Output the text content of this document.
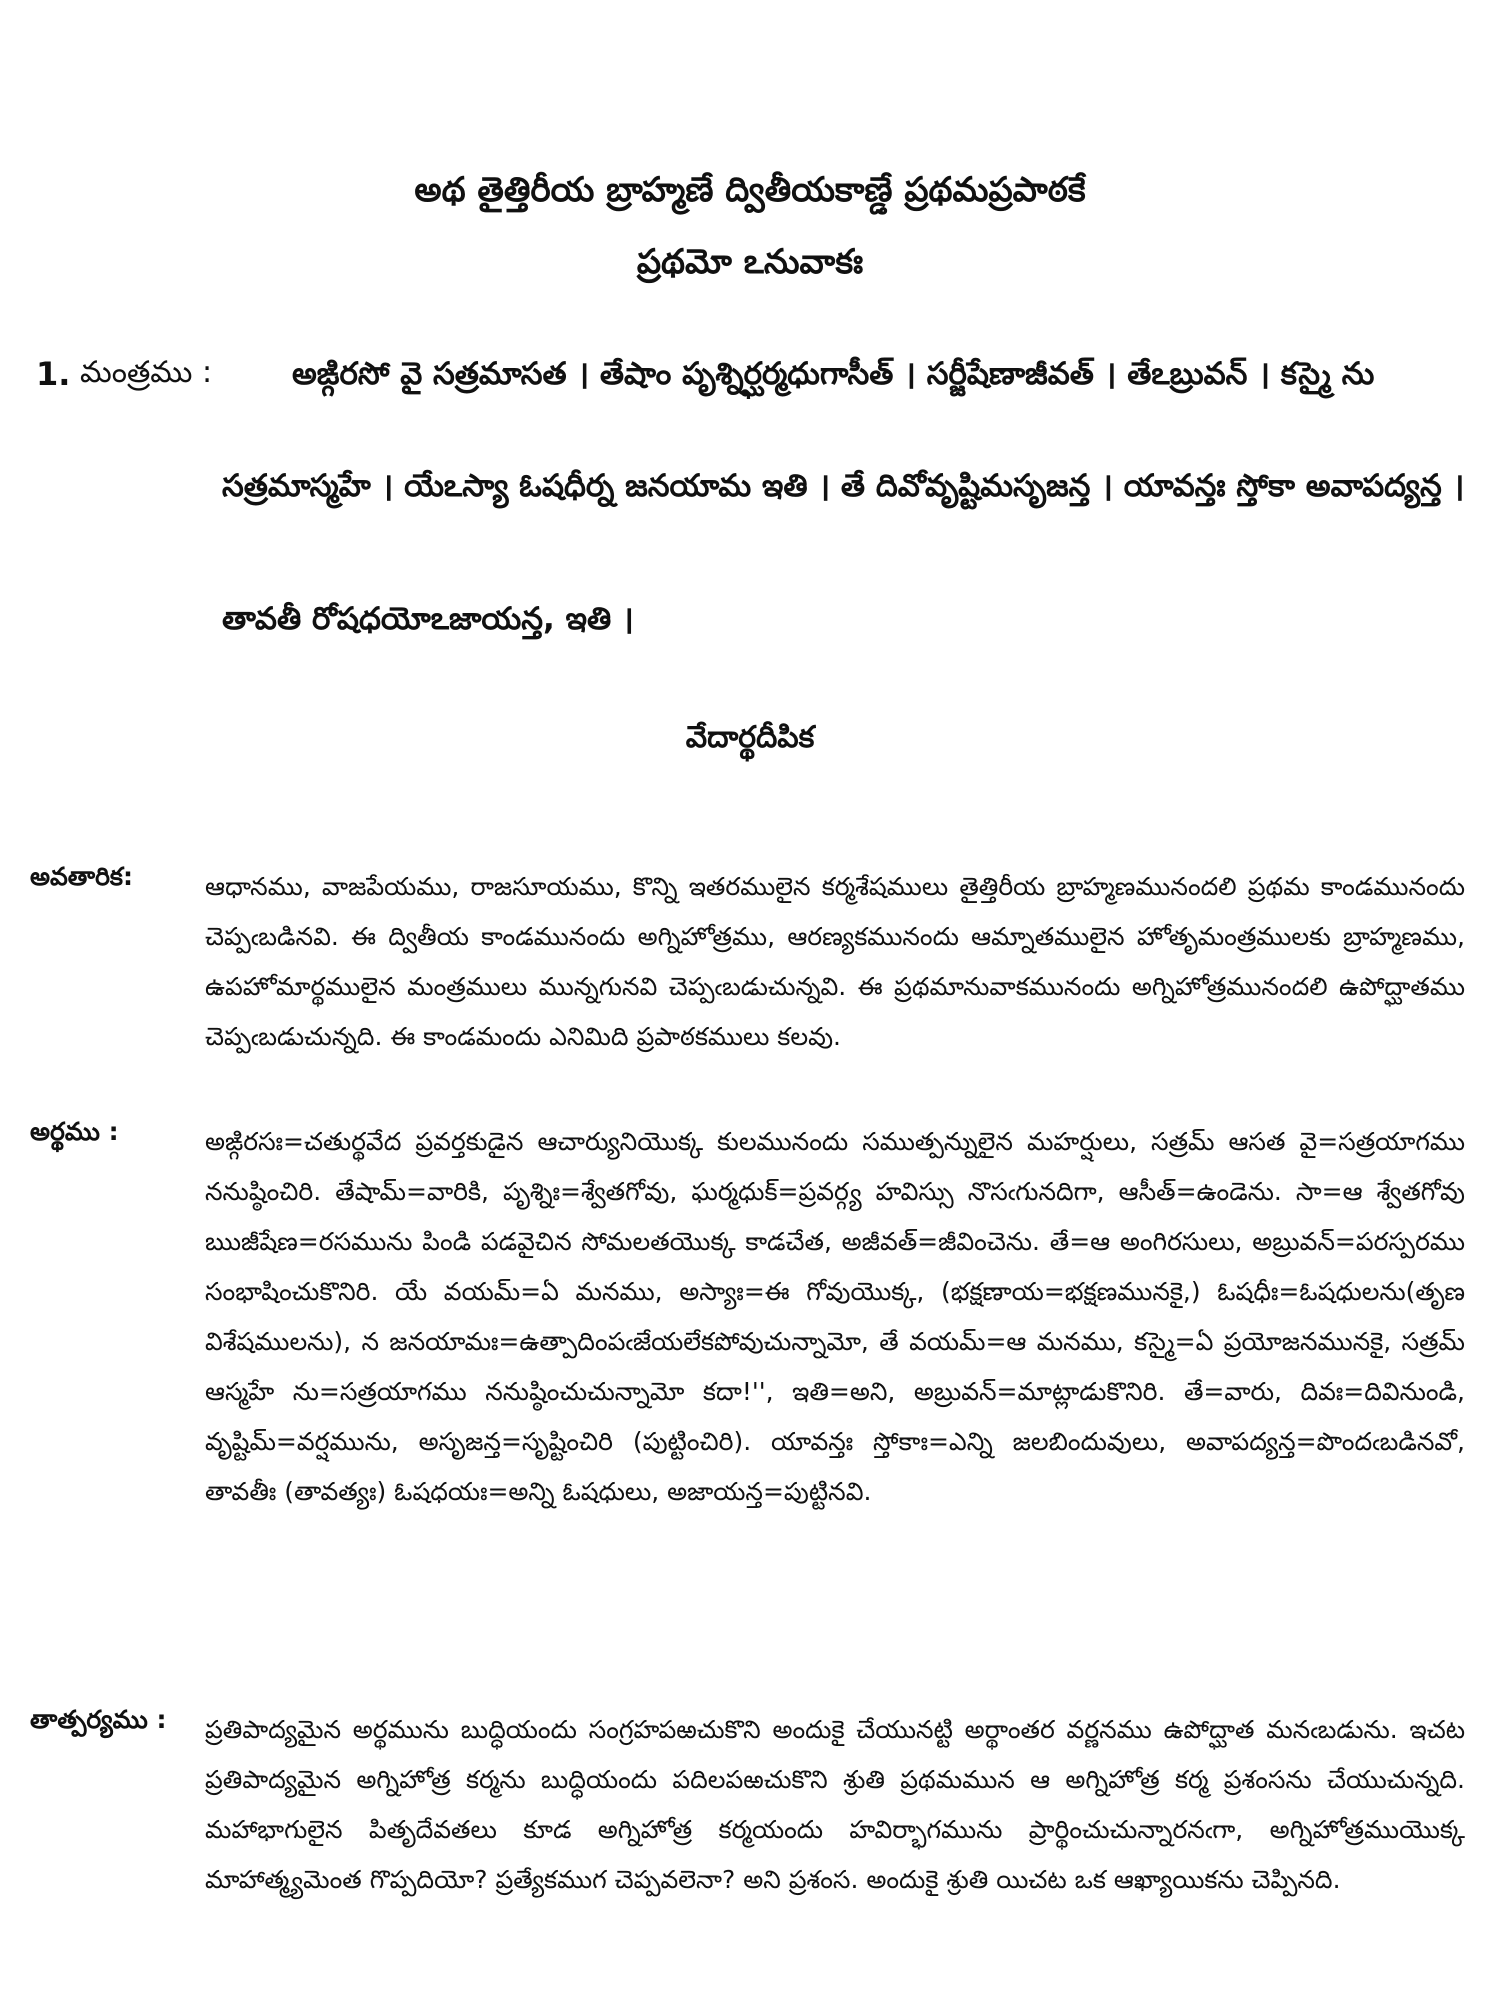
అథ తైత్తిరీయ బ్రాహ్మణే ద్వితీయకాణ్డే ప్రథమప్రపాఠకే
ప్రథమో ఽనువాకః
1. మంత్రము :	అఙ్గిరసో వై సత్రమాసత । తేషాం పృశ్నిర్ఘర్మధుగాసీత్ । సర్జీషేణాజీవత్ । తేఽబ్రువన్ । కస్మై ను
సత్రమాస్మహే । యేఽస్యా ఓషధీర్న జనయామ ఇతి । తే దివోవృష్టిమసృజన్త । యావన్తః స్తోకా అవాపద్యన్త ।
తావతీ రోషధయోఽజాయన్త, ఇతి ।
వేదార్థదీపిక
అవతారిక:	ఆధానము, వాజపేయము, రాజసూయము, కొన్ని ఇతరములైన కర్మశేషములు తైత్తిరీయ బ్రాహ్మణమునందలి ప్రథమ కాండమునందు చెప్పఁబడినవి. ఈ ద్వితీయ కాండమునందు అగ్నిహోత్రము, ఆరణ్యకమునందు ఆమ్నాతములైన హోతృమంత్రములకు బ్రాహ్మణము, ఉపహోమార్థములైన మంత్రములు మున్నగునవి చెప్పఁబడుచున్నవి. ఈ ప్రథమానువాకమునందు అగ్నిహోత్రమునందలి ఉపోద్ఘాతము చెప్పఁబడుచున్నది. ఈ కాండమందు ఎనిమిది ప్రపాఠకములు కలవు.
అర్థము :	అఙ్గిరసః=చతుర్థవేద ప్రవర్తకుడైన ఆచార్యునియొక్క కులమునందు సముత్పన్నులైన మహర్షులు, సత్రమ్ ఆసత వై=సత్రయాగము ననుష్ఠించిరి. తేషామ్=వారికి, పృశ్నిః=శ్వేతగోవు, ఘర్మధుక్=ప్రవర్గ్య హవిస్సు నొసఁగునదిగా, ఆసీత్=ఉండెను. సా=ఆ శ్వేతగోవు ఋజీషేణ=రసమును పిండి పడవైచిన సోమలతయొక్క కాడచేత, అజీవత్=జీవించెను. తే=ఆ అంగిరసులు, అబ్రువన్=పరస్పరము సంభాషించుకొనిరి. యే వయమ్=ఏ మనము, అస్యాః=ఈ గోవుయొక్క, (భక్షణాయ=భక్షణమునకై,) ఓషధీః=ఓషధులను(తృణ విశేషములను), న జనయామః=ఉత్పాదింపఁజేయలేకపోవుచున్నామో, తే వయమ్=ఆ మనము, కస్మై=ఏ ప్రయోజనమునకై, సత్రమ్ ఆస్మహే ను=సత్రయాగము ననుష్ఠించుచున్నామో కదా!'', ఇతి=అని, అబ్రువన్=మాట్లాడుకొనిరి. తే=వారు, దివః=దివినుండి, వృష్టిమ్=వర్షమును, అసృజన్త=సృష్టించిరి (పుట్టించిరి). యావన్తః స్తోకాః=ఎన్ని జలబిందువులు, అవాపద్యన్త=పొందఁబడినవో, తావతీః (తావత్యః) ఓషధయః=అన్ని ఓషధులు, అజాయన్త=పుట్టినవి.
తాత్పర్యము : ప్రతిపాద్యమైన అర్థమును బుద్ధియందు సంగ్రహపఱచుకొని అందుకై చేయునట్టి అర్థాంతర వర్ణనము ఉపోద్ఘాత మనఁబడును. ఇచట ప్రతిపాద్యమైన అగ్నిహోత్ర కర్మను బుద్ధియందు పదిలపఱచుకొని శ్రుతి ప్రథమమున ఆ అగ్నిహోత్ర కర్మ ప్రశంసను చేయుచున్నది. మహాభాగులైన పితృదేవతలు కూడ అగ్నిహోత్ర కర్మయందు హవిర్భాగమును ప్రార్థించుచున్నారనఁగా, అగ్నిహోత్రముయొక్క మాహాత్మ్యమెంత గొప్పదియో? ప్రత్యేకముగ చెప్పవలెనా? అని ప్రశంస. అందుకై శ్రుతి యిచట ఒక ఆఖ్యాయికను చెప్పినది.
